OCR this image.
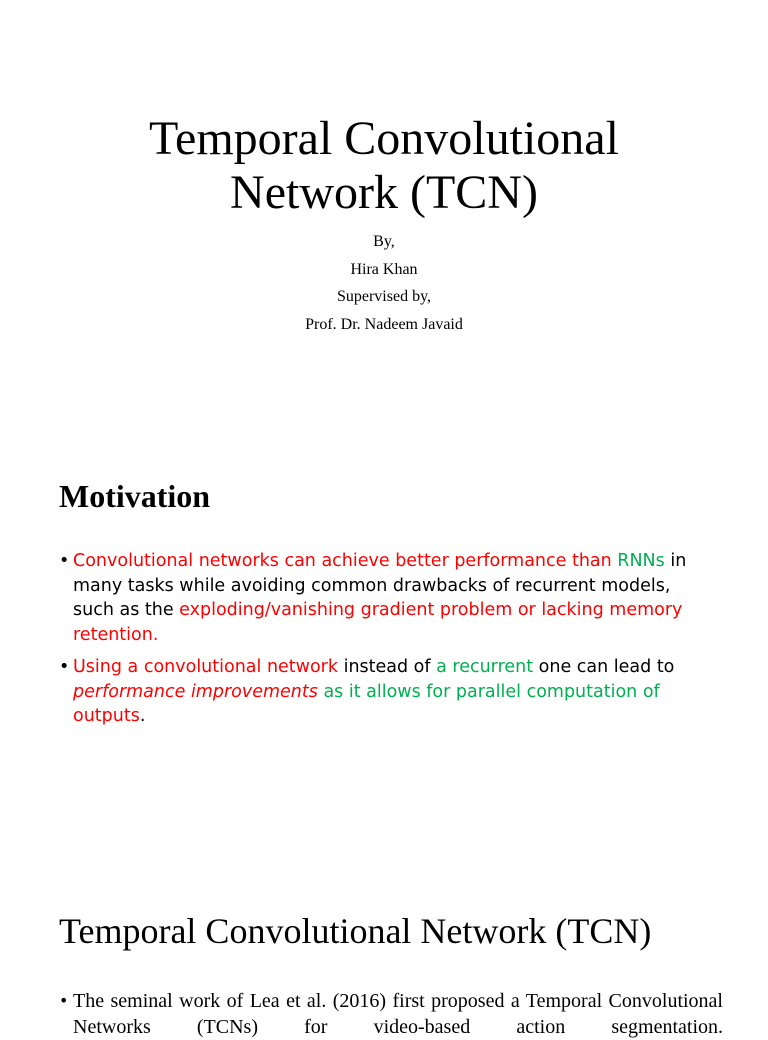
Temporal Convolutional
Network (TCN)
By,
Hira Khan
Supervised by,
Prof. Dr. Nadeem Javaid
Motivation
• Convolutional networks can achieve better performance than RNNs in many tasks while avoiding common drawbacks of recurrent models, such as the exploding/vanishing gradient problem or lacking memory retention.
• Using a convolutional network instead of a recurrent one can lead to performance improvements as it allows for parallel computation of outputs.
Temporal Convolutional Network (TCN)

• The seminal work of Lea et al. (2016) first proposed a Temporal Convolutional Networks (TCNs) for video-based action segmentation.
